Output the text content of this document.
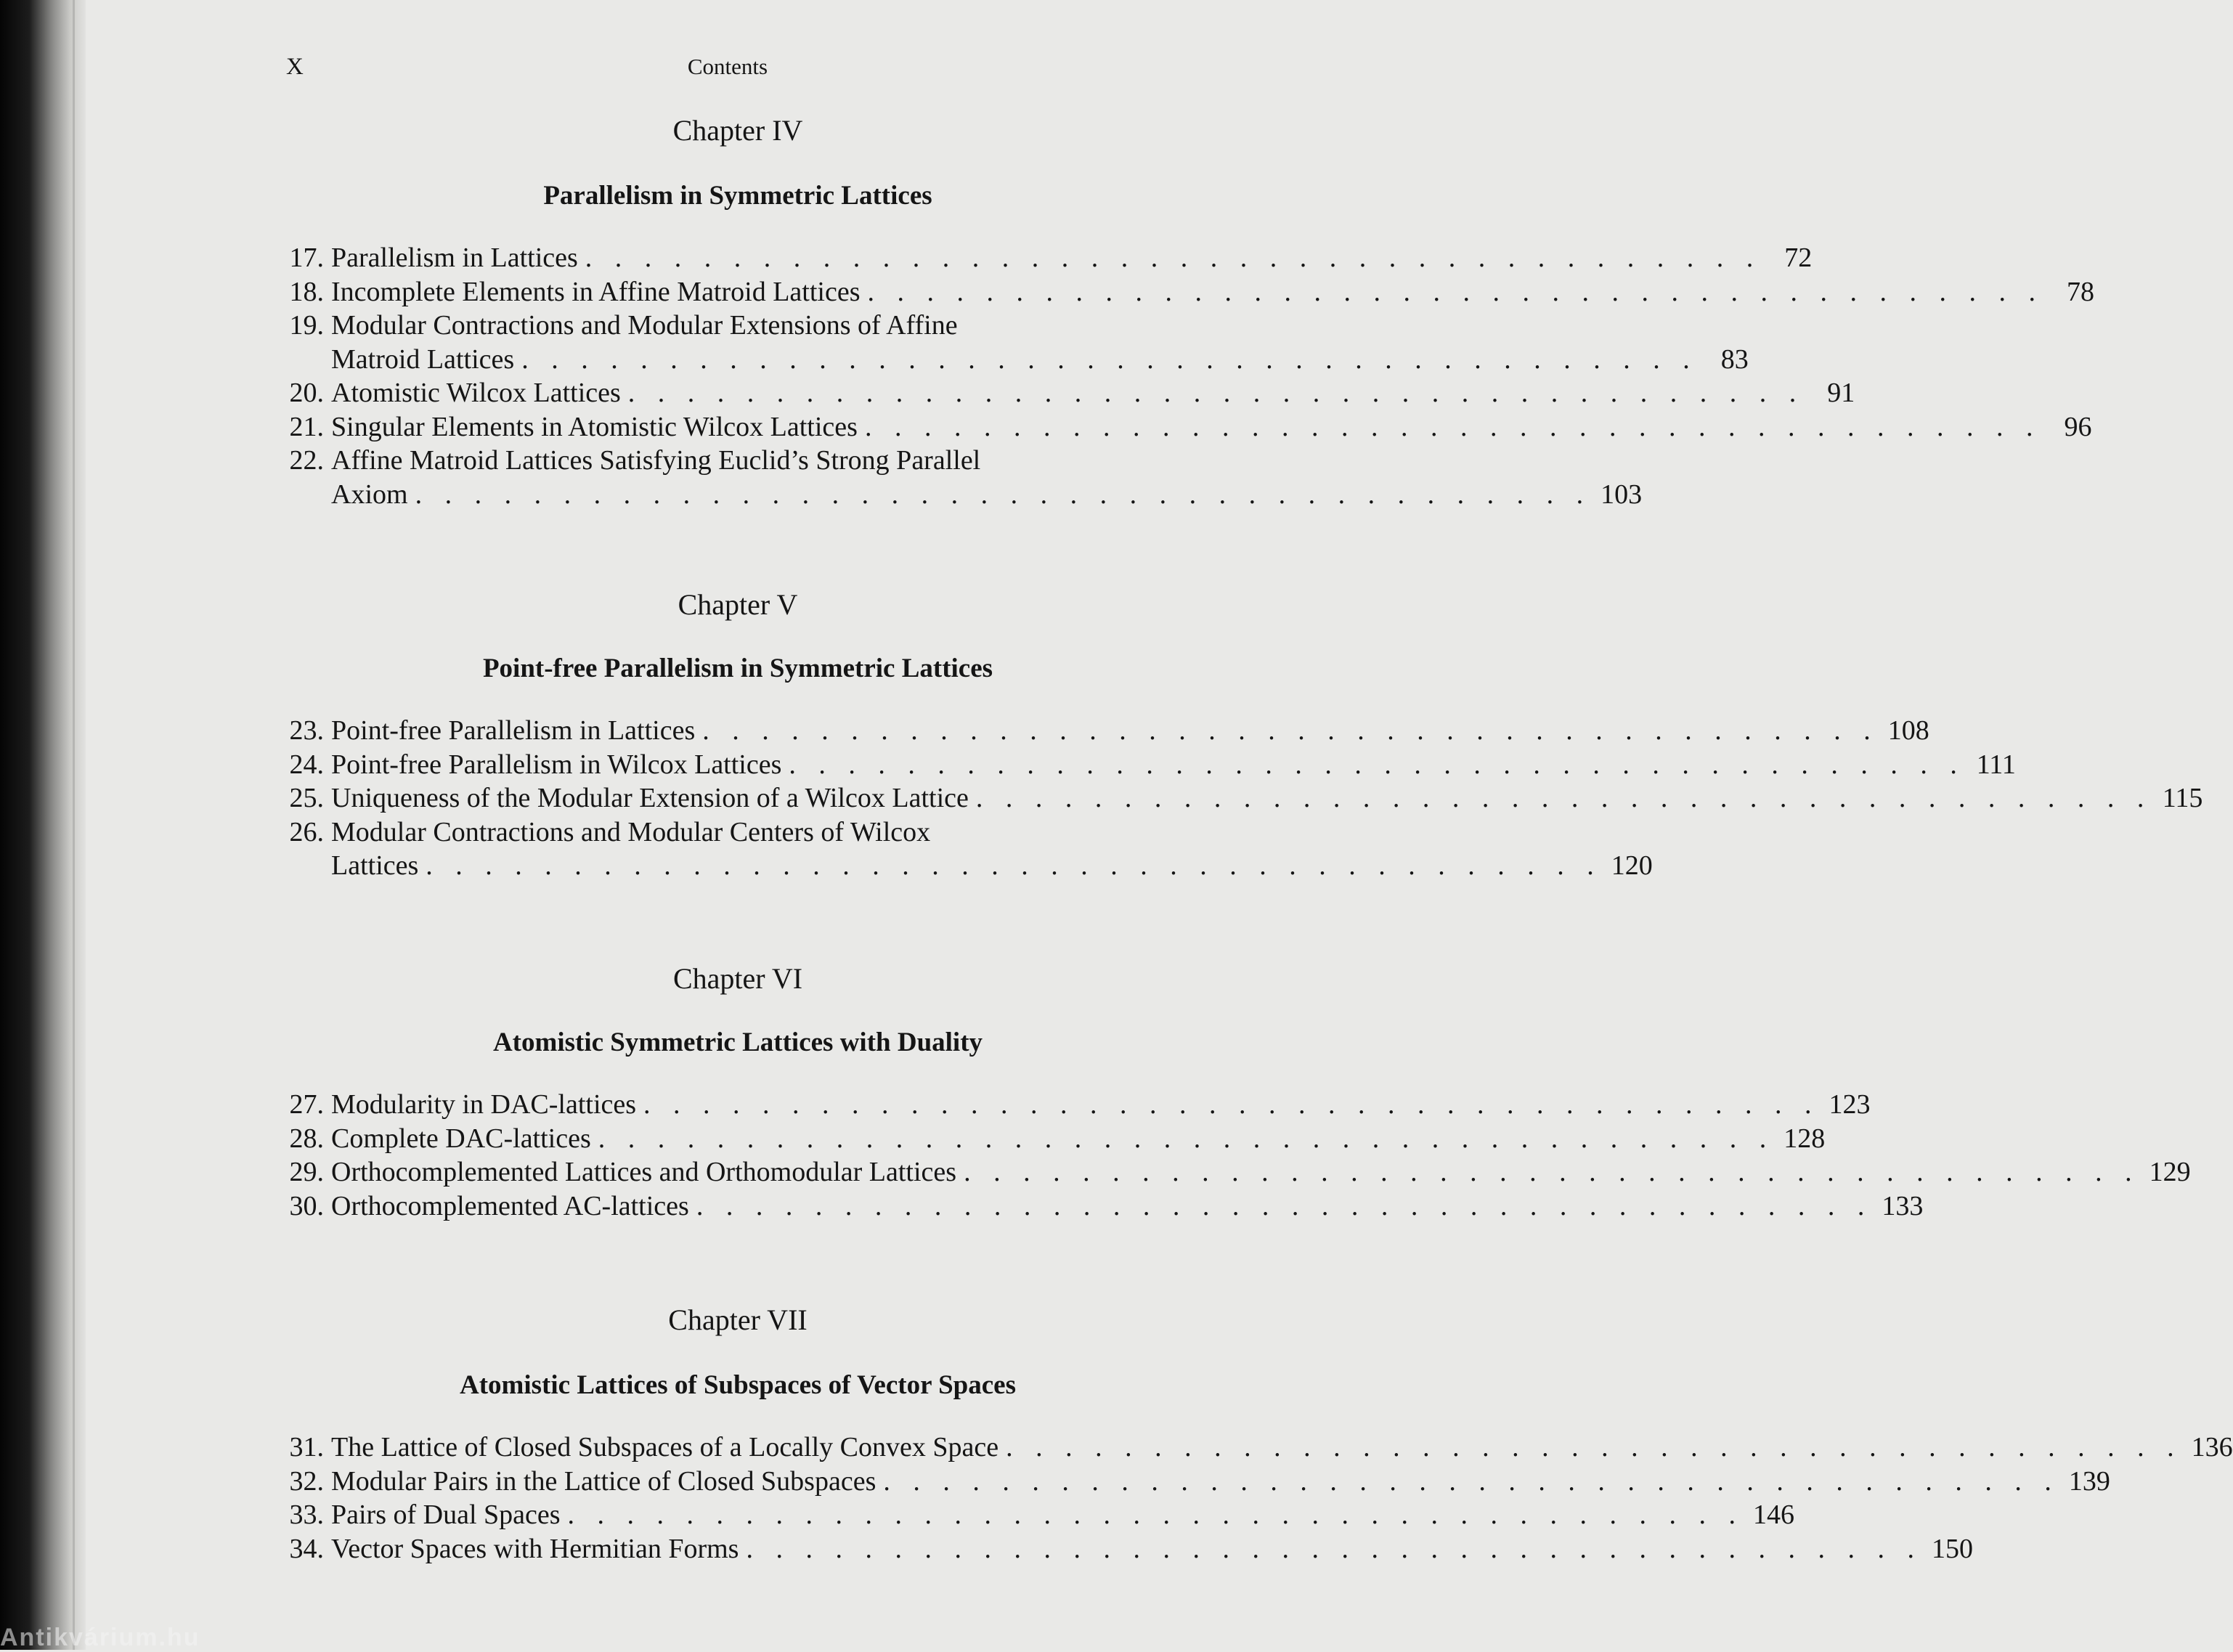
X	Contents
Chapter IV
Parallelism in Symmetric Lattices
17. Parallelism in Lattices . . . . . . . . . . . . . . . . . . . . . . . . . . . . . . . . . . . . . . . . 72
18. Incomplete Elements in Affine Matroid Lattices . . . . . . . . . . . . . . . . . . . . . . . . . . . . . . . . . . . . . . . . 78
19. Modular Contractions and Modular Extensions of Affine
Matroid Lattices . . . . . . . . . . . . . . . . . . . . . . . . . . . . . . . . . . . . . . . . 83
20. Atomistic Wilcox Lattices . . . . . . . . . . . . . . . . . . . . . . . . . . . . . . . . . . . . . . . . 91
21. Singular Elements in Atomistic Wilcox Lattices . . . . . . . . . . . . . . . . . . . . . . . . . . . . . . . . . . . . . . . . 96
22. Affine Matroid Lattices Satisfying Euclid’s Strong Parallel
Axiom . . . . . . . . . . . . . . . . . . . . . . . . . . . . . . . . . . . . . . . . 103
Chapter V
Point-free Parallelism in Symmetric Lattices
23. Point-free Parallelism in Lattices . . . . . . . . . . . . . . . . . . . . . . . . . . . . . . . . . . . . . . . . 108
24. Point-free Parallelism in Wilcox Lattices . . . . . . . . . . . . . . . . . . . . . . . . . . . . . . . . . . . . . . . . 111
25. Uniqueness of the Modular Extension of a Wilcox Lattice . . . . . . . . . . . . . . . . . . . . . . . . . . . . . . . . . . . . . . . . 115
26. Modular Contractions and Modular Centers of Wilcox
Lattices . . . . . . . . . . . . . . . . . . . . . . . . . . . . . . . . . . . . . . . . 120
Chapter VI
Atomistic Symmetric Lattices with Duality
27. Modularity in DAC-lattices . . . . . . . . . . . . . . . . . . . . . . . . . . . . . . . . . . . . . . . . 123
28. Complete DAC-lattices . . . . . . . . . . . . . . . . . . . . . . . . . . . . . . . . . . . . . . . . 128
29. Orthocomplemented Lattices and Orthomodular Lattices . . . . . . . . . . . . . . . . . . . . . . . . . . . . . . . . . . . . . . . . 129
30. Orthocomplemented AC-lattices . . . . . . . . . . . . . . . . . . . . . . . . . . . . . . . . . . . . . . . . 133
Chapter VII
Atomistic Lattices of Subspaces of Vector Spaces
31. The Lattice of Closed Subspaces of a Locally Convex Space . . . . . . . . . . . . . . . . . . . . . . . . . . . . . . . . . . . . . . . . 136
32. Modular Pairs in the Lattice of Closed Subspaces . . . . . . . . . . . . . . . . . . . . . . . . . . . . . . . . . . . . . . . . 139
33. Pairs of Dual Spaces . . . . . . . . . . . . . . . . . . . . . . . . . . . . . . . . . . . . . . . . 146
34. Vector Spaces with Hermitian Forms . . . . . . . . . . . . . . . . . . . . . . . . . . . . . . . . . . . . . . . . 150
Antikvárium.hu
